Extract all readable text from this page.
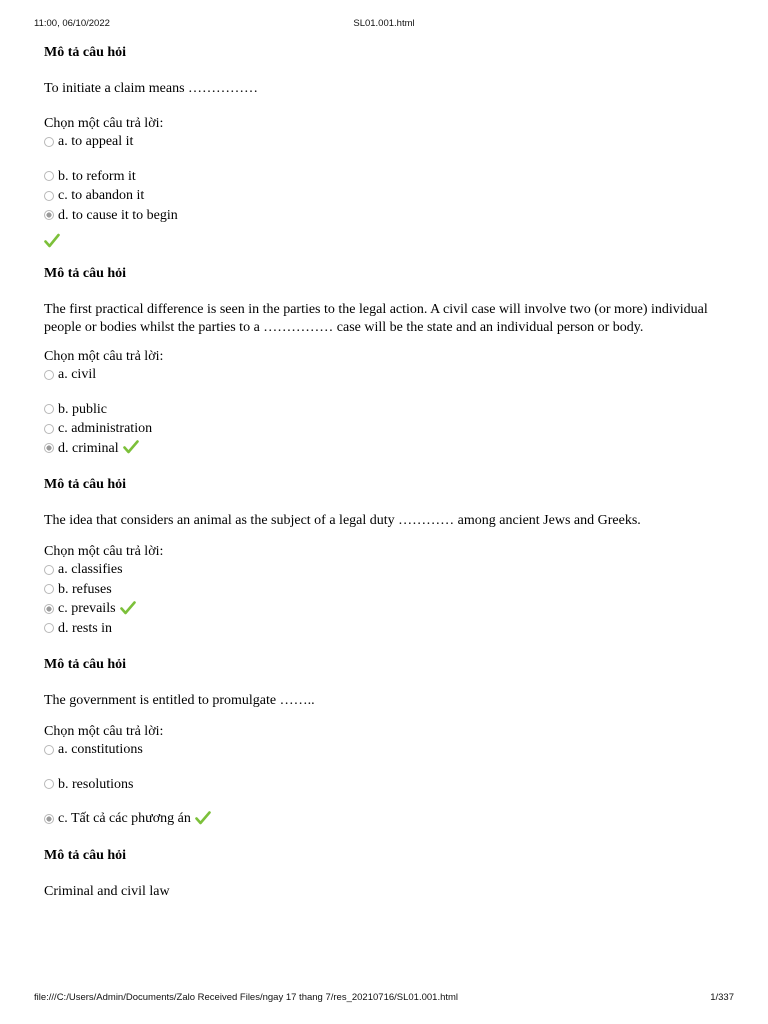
11:00, 06/10/2022	SL01.001.html
Mô tả câu hỏi
To initiate a claim means ……………
Chọn một câu trả lời:
a. to appeal it
b. to reform it
c. to abandon it
d. to cause it to begin
Mô tả câu hỏi
The first practical difference is seen in the parties to the legal action. A civil case will involve two (or more) individual people or bodies whilst the parties to a …………… case will be the state and an individual person or body.
Chọn một câu trả lời:
a. civil
b. public
c. administration
d. criminal
Mô tả câu hỏi
The idea that considers an animal as the subject of a legal duty ………… among ancient Jews and Greeks.
Chọn một câu trả lời:
a. classifies
b. refuses
c. prevails
d. rests in
Mô tả câu hỏi
The government is entitled to promulgate ……..
Chọn một câu trả lời:
a. constitutions
b. resolutions
c. Tất cả các phương án
Mô tả câu hỏi
Criminal and civil law
file:///C:/Users/Admin/Documents/Zalo Received Files/ngay 17 thang 7/res_20210716/SL01.001.html	1/337
